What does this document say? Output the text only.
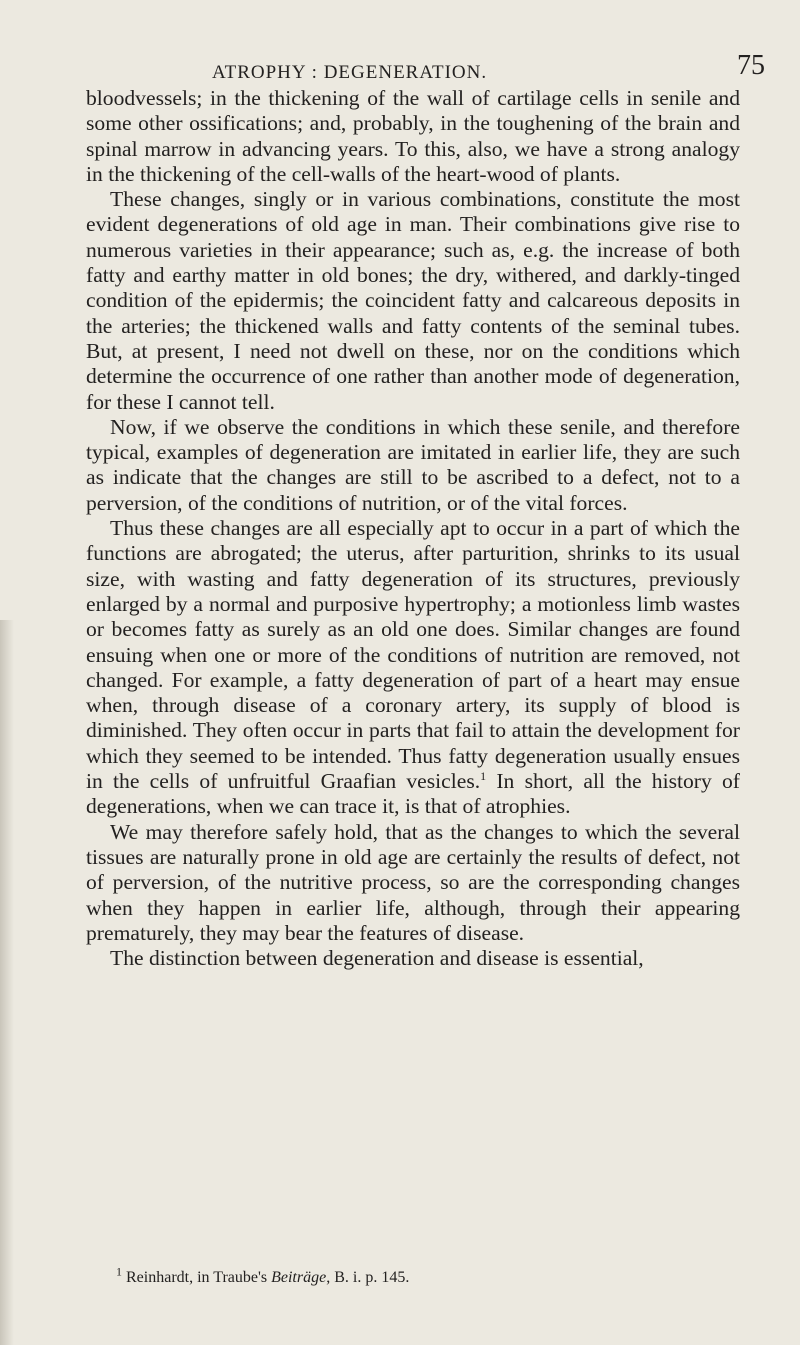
ATROPHY : DEGENERATION.	75

bloodvessels; in the thickening of the wall of cartilage cells in senile and some other ossifications; and, probably, in the toughening of the brain and spinal marrow in advancing years. To this, also, we have a strong analogy in the thickening of the cell-walls of the heart-wood of plants.

These changes, singly or in various combinations, constitute the most evident degenerations of old age in man. Their combinations give rise to numerous varieties in their appearance; such as, e.g. the increase of both fatty and earthy matter in old bones; the dry, withered, and darkly-tinged condition of the epidermis; the coincident fatty and calcareous deposits in the arteries; the thickened walls and fatty contents of the seminal tubes. But, at present, I need not dwell on these, nor on the conditions which determine the occurrence of one rather than another mode of degeneration, for these I cannot tell.

Now, if we observe the conditions in which these senile, and therefore typical, examples of degeneration are imitated in earlier life, they are such as indicate that the changes are still to be ascribed to a defect, not to a perversion, of the conditions of nutrition, or of the vital forces.

Thus these changes are all especially apt to occur in a part of which the functions are abrogated; the uterus, after parturition, shrinks to its usual size, with wasting and fatty degeneration of its structures, previously enlarged by a normal and purposive hypertrophy; a motionless limb wastes or becomes fatty as surely as an old one does. Similar changes are found ensuing when one or more of the conditions of nutrition are removed, not changed. For example, a fatty degeneration of part of a heart may ensue when, through disease of a coronary artery, its supply of blood is diminished. They often occur in parts that fail to attain the development for which they seemed to be intended. Thus fatty degeneration usually ensues in the cells of unfruitful Graafian vesicles.$^1$ In short, all the history of degenerations, when we can trace it, is that of atrophies.

We may therefore safely hold, that as the changes to which the several tissues are naturally prone in old age are certainly the results of defect, not of perversion, of the nutritive process, so are the corresponding changes when they happen in earlier life, although, through their appearing prematurely, they may bear the features of disease.

The distinction between degeneration and disease is essential,

$^1$ Reinhardt, in Traube's Beiträge, B. i. p. 145.
